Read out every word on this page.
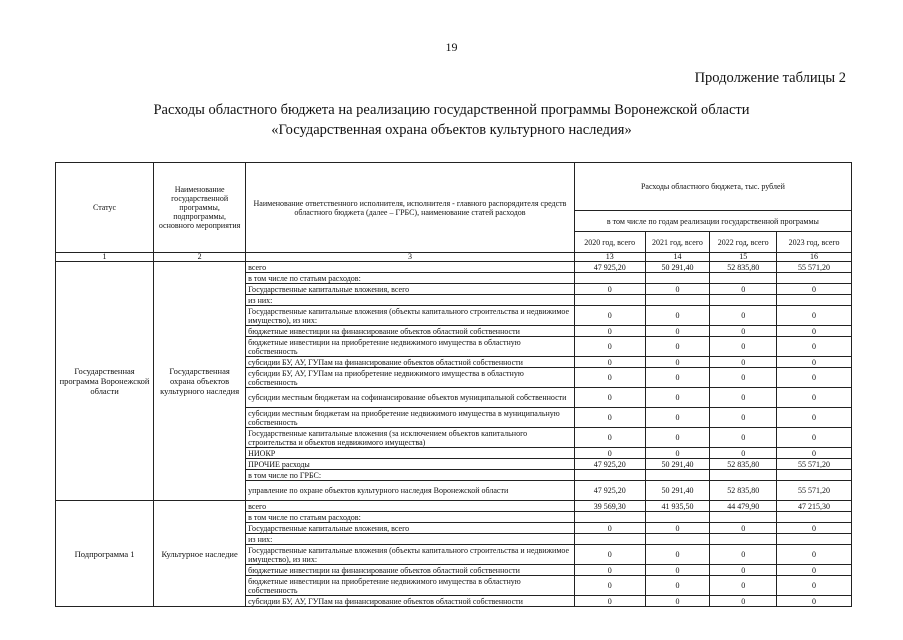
19
Продолжение таблицы 2
Расходы областного бюджета на реализацию государственной программы Воронежской области
«Государственная охрана объектов культурного наследия»
Статус	Наименование государственной программы, подпрограммы, основного мероприятия	Наименование ответственного исполнителя, исполнителя - главного распорядителя средств областного бюджета (далее – ГРБС), наименование статей расходов	Расходы областного бюджета, тыс. рублей			
			в том числе по годам реализации государственной программы			
			2020 год, всего	2021 год, всего	2022 год, всего	2023 год, всего
1	2	3	13	14	15	16
Государственная программа Воронежской области	Государственная охрана объектов культурного наследия	всего	47 925,20	50 291,40	52 835,80	55 571,20
		в том числе по статьям расходов:				
		Государственные капитальные вложения, всего	0	0	0	0
		из них:				
		Государственные капитальные вложения (объекты капитального строительства и недвижимое имущество), из них:	0	0	0	0
		бюджетные инвестиции на финансирование объектов областной собственности	0	0	0	0
		бюджетные инвестиции на приобретение недвижимого имущества в областную собственность	0	0	0	0
		субсидии БУ, АУ, ГУПам на финансирование объектов областной собственности	0	0	0	0
		субсидии БУ, АУ, ГУПам на приобретение недвижимого имущества в областную собственность	0	0	0	0
		субсидии местным бюджетам на софинансирование объектов муниципальной собственности	0	0	0	0
		субсидии местным бюджетам на приобретение недвижимого имущества в муниципальную собственность	0	0	0	0
		Государственные капитальные вложения (за исключением объектов капитального строительства и объектов недвижимого имущества)	0	0	0	0
		НИОКР	0	0	0	0
		ПРОЧИЕ расходы	47 925,20	50 291,40	52 835,80	55 571,20
		в том числе по ГРБС:				
		управление по охране объектов культурного наследия Воронежской области	47 925,20	50 291,40	52 835,80	55 571,20
Подпрограмма 1	Культурное наследие	всего	39 569,30	41 935,50	44 479,90	47 215,30
		в том числе по статьям расходов:				
		Государственные капитальные вложения, всего	0	0	0	0
		из них:				
		Государственные капитальные вложения (объекты капитального строительства и недвижимое имущество), из них:	0	0	0	0
		бюджетные инвестиции на финансирование объектов областной собственности	0	0	0	0
		бюджетные инвестиции на приобретение недвижимого имущества в областную собственность	0	0	0	0
		субсидии БУ, АУ, ГУПам на финансирование объектов областной собственности	0	0	0	0
